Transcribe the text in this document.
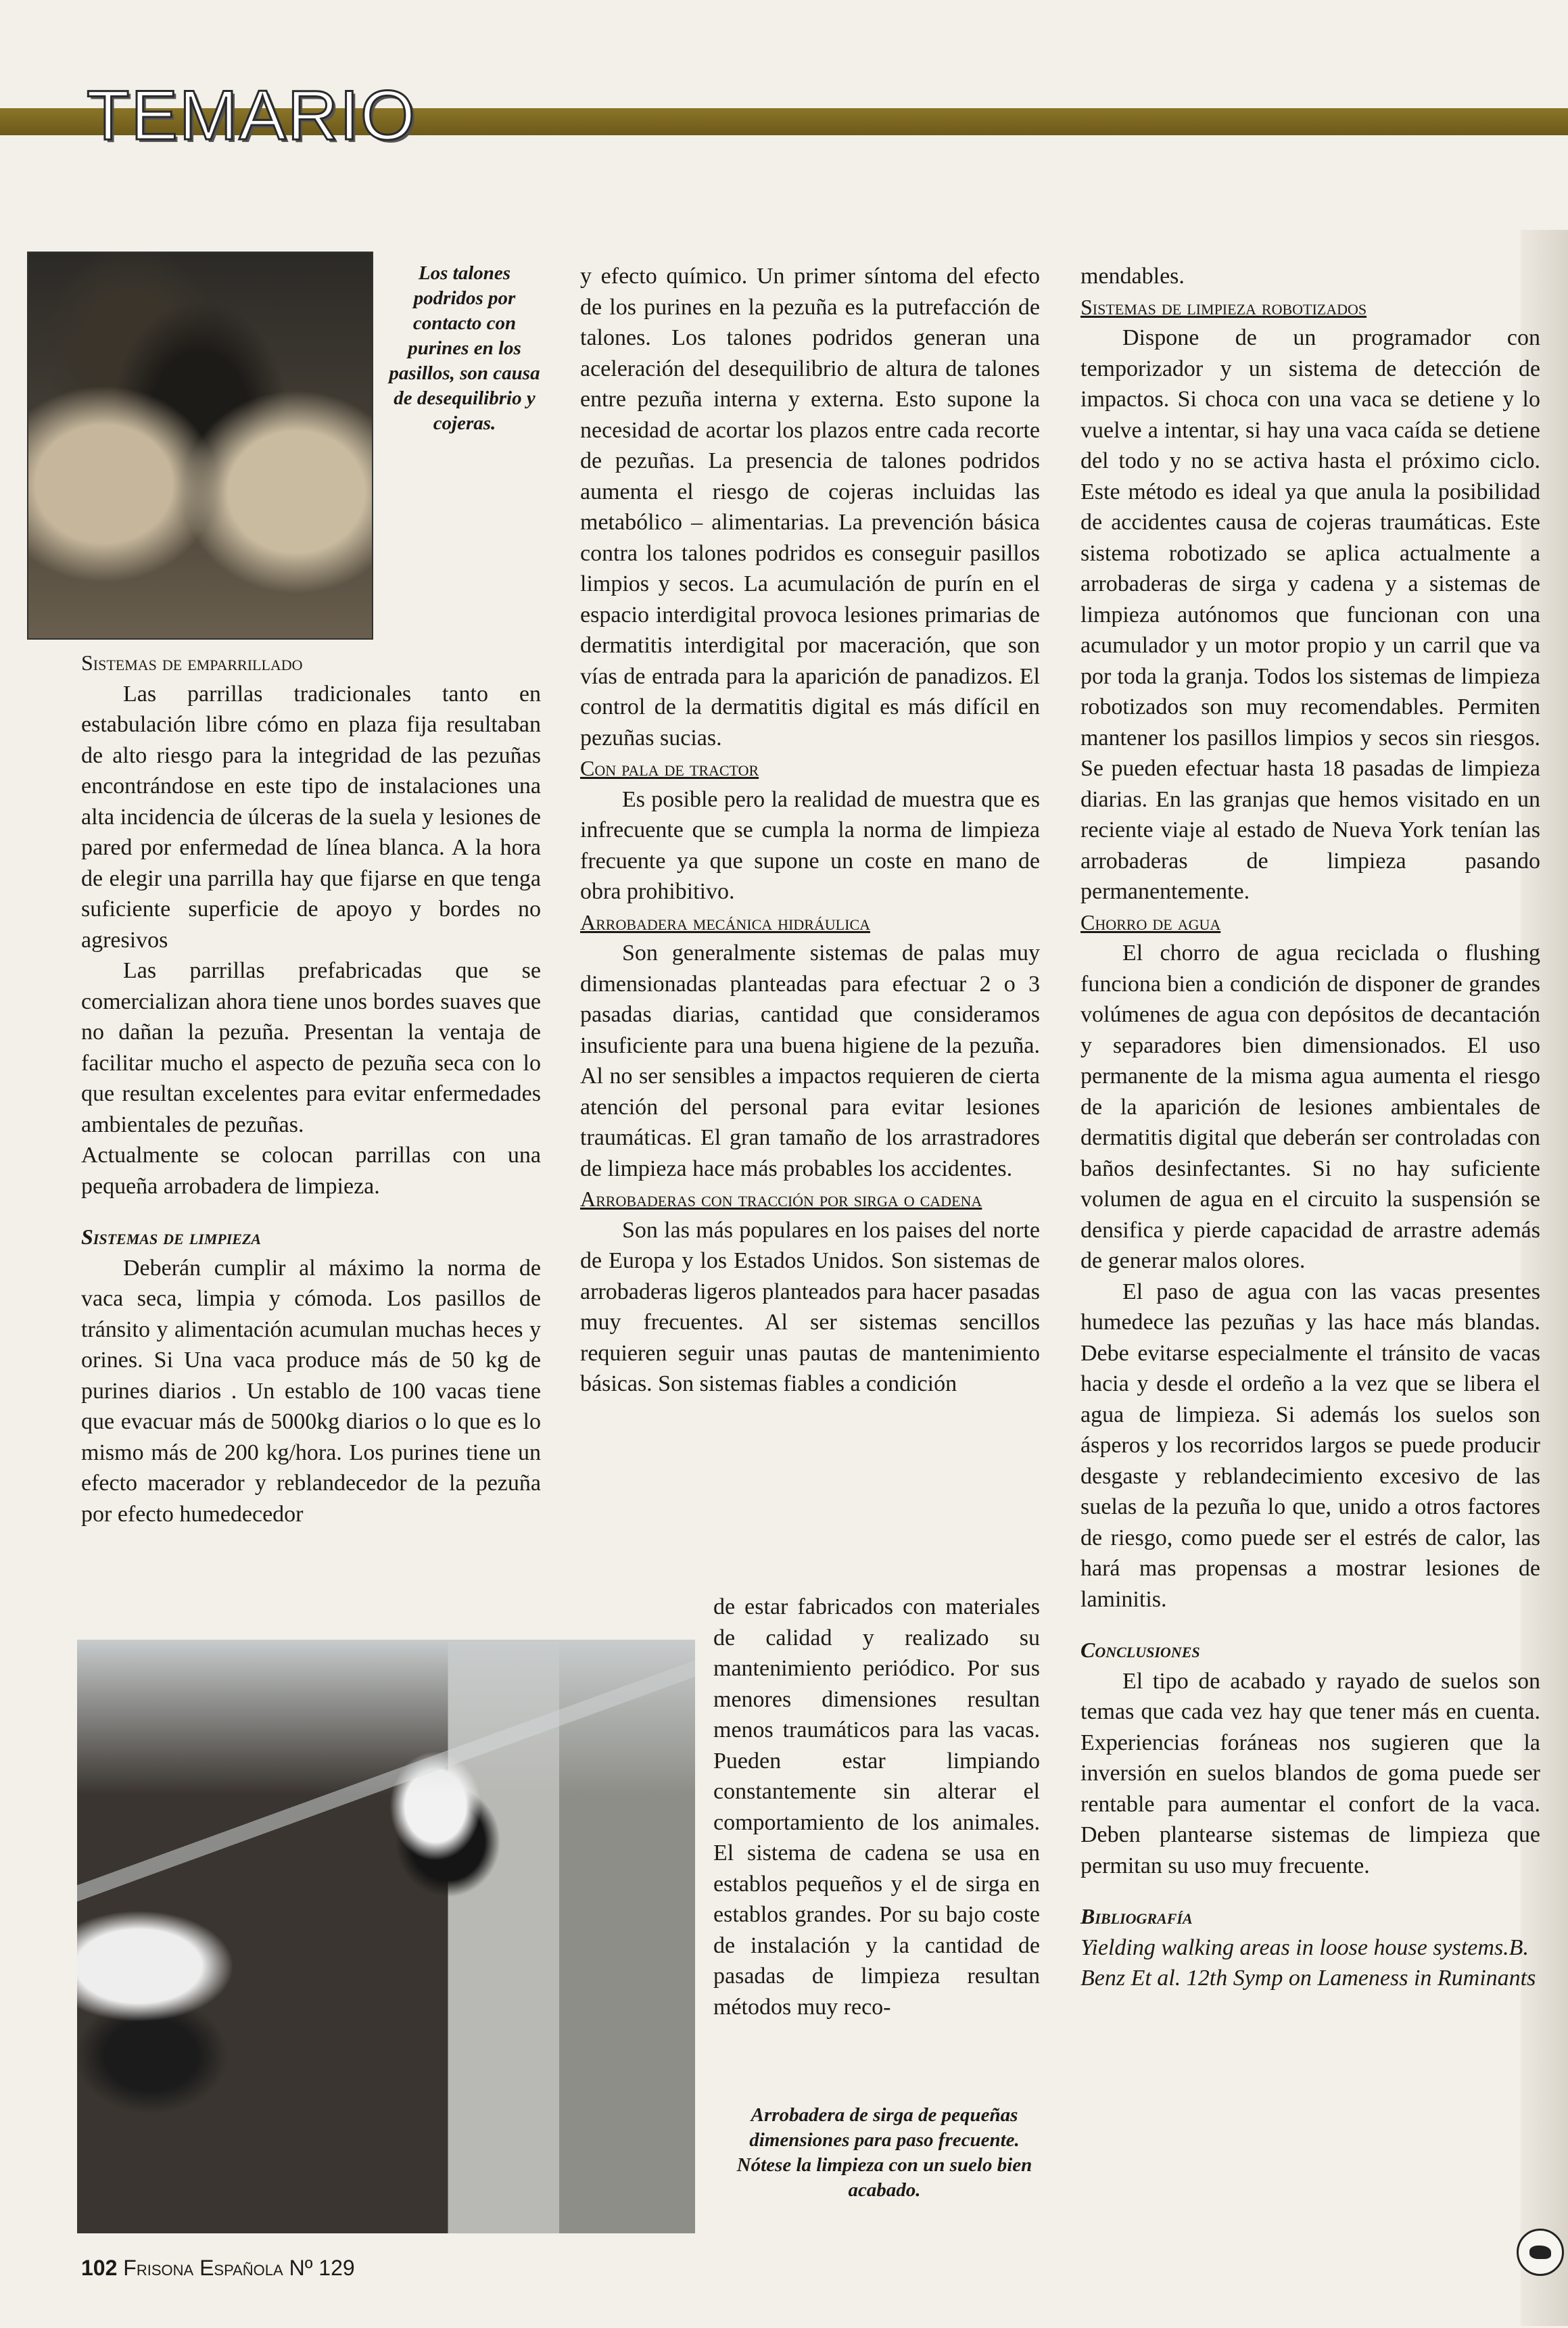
TEMARIO
Los talones podridos por contacto con purines en los pasillos, son causa de desequilibrio y cojeras.
Sistemas de emparrillado

Las parrillas tradicionales tanto en estabulación libre cómo en plaza fija resultaban de alto riesgo para la integridad de las pezuñas encontrándose en este tipo de instalaciones una alta incidencia de úlceras de la suela y lesiones de pared por enfermedad de línea blanca. A la hora de elegir una parrilla hay que fijarse en que tenga suficiente superficie de apoyo y bordes no agresivos

Las parrillas prefabricadas que se comercializan ahora tiene unos bordes suaves que no dañan la pezuña. Presentan la ventaja de facilitar mucho el aspecto de pezuña seca con lo que resultan excelentes para evitar enfermedades ambientales de pezuñas.

Actualmente se colocan parrillas con una pequeña arrobadera de limpieza.

Sistemas de limpieza

Deberán cumplir al máximo la norma de vaca seca, limpia y cómoda. Los pasillos de tránsito y alimentación acumulan muchas heces y orines. Si Una vaca produce más de 50 kg de purines diarios . Un establo de 100 vacas tiene que evacuar más de 5000kg diarios o lo que es lo mismo más de 200 kg/hora. Los purines tiene un efecto macerador y reblandecedor de la pezuña por efecto humedecedor

y efecto químico. Un primer síntoma del efecto de los purines en la pezuña es la putrefacción de talones. Los talones podridos generan una aceleración del desequilibrio de altura de talones entre pezuña interna y externa. Esto supone la necesidad de acortar los plazos entre cada recorte de pezuñas. La presencia de talones podridos aumenta el riesgo de cojeras incluidas las metabólico – alimentarias. La prevención básica contra los talones podridos es conseguir pasillos limpios y secos. La acumulación de purín en el espacio interdigital provoca lesiones primarias de dermatitis interdigital por maceración, que son vías de entrada para la aparición de panadizos. El control de la dermatitis digital es más difícil en pezuñas sucias.

Con pala de tractor

Es posible pero la realidad de muestra que es infrecuente que se cumpla la norma de limpieza frecuente ya que supone un coste en mano de obra prohibitivo.

Arrobadera mecánica hidráulica

Son generalmente sistemas de palas muy dimensionadas planteadas para efectuar 2 o 3 pasadas diarias, cantidad que consideramos insuficiente para una buena higiene de la pezuña. Al no ser sensibles a impactos requieren de cierta atención del personal para evitar lesiones traumáticas. El gran tamaño de los arrastradores de limpieza hace más probables los accidentes.

Arrobaderas con tracción por sirga o cadena

Son las más populares en los paises del norte de Europa y los Estados Unidos. Son sistemas de arrobaderas ligeros planteados para hacer pasadas muy frecuentes. Al ser sistemas sencillos requieren seguir unas pautas de mantenimiento básicas. Son sistemas fiables a condición

de estar fabricados con materiales de calidad y realizado su mantenimiento periódico. Por sus menores dimensiones resultan menos traumáticos para las vacas. Pueden estar limpiando constantemente sin alterar el comportamiento de los animales. El sistema de cadena se usa en establos pequeños y el de sirga en establos grandes. Por su bajo coste de instalación y la cantidad de pasadas de limpieza resultan métodos muy reco-

Arrobadera de sirga de pequeñas dimensiones para paso frecuente. Nótese la limpieza con un suelo bien acabado.

mendables.

Sistemas de limpieza robotizados

Dispone de un programador con temporizador y un sistema de detección de impactos. Si choca con una vaca se detiene y lo vuelve a intentar, si hay una vaca caída se detiene del todo y no se activa hasta el próximo ciclo. Este método es ideal ya que anula la posibilidad de accidentes causa de cojeras traumáticas. Este sistema robotizado se aplica actualmente a arrobaderas de sirga y cadena y a sistemas de limpieza autónomos que funcionan con una acumulador y un motor propio y un carril que va por toda la granja. Todos los sistemas de limpieza robotizados son muy recomendables. Permiten mantener los pasillos limpios y secos sin riesgos. Se pueden efectuar hasta 18 pasadas de limpieza diarias. En las granjas que hemos visitado en un reciente viaje al estado de Nueva York tenían las arrobaderas de limpieza pasando permanentemente.

Chorro de agua

El chorro de agua reciclada o flushing funciona bien a condición de disponer de grandes volúmenes de agua con depósitos de decantación y separadores bien dimensionados. El uso permanente de la misma agua aumenta el riesgo de la aparición de lesiones ambientales de dermatitis digital que deberán ser controladas con baños desinfectantes. Si no hay suficiente volumen de agua en el circuito la suspensión se densifica y pierde capacidad de arrastre además de generar malos olores.

El paso de agua con las vacas presentes humedece las pezuñas y las hace más blandas. Debe evitarse especialmente el tránsito de vacas hacia y desde el ordeño a la vez que se libera el agua de limpieza. Si además los suelos son ásperos y los recorridos largos se puede producir desgaste y reblandecimiento excesivo de las suelas de la pezuña lo que, unido a otros factores de riesgo, como puede ser el estrés de calor, las hará mas propensas a mostrar lesiones de laminitis.

Conclusiones

El tipo de acabado y rayado de suelos son temas que cada vez hay que tener más en cuenta. Experiencias foráneas nos sugieren que la inversión en suelos blandos de goma puede ser rentable para aumentar el confort de la vaca. Deben plantearse sistemas de limpieza que permitan su uso muy frecuente.

Bibliografía

Yielding walking areas in loose house systems.B. Benz Et al. 12th Symp on Lameness in Ruminants

102 Frisona Española Nº 129
